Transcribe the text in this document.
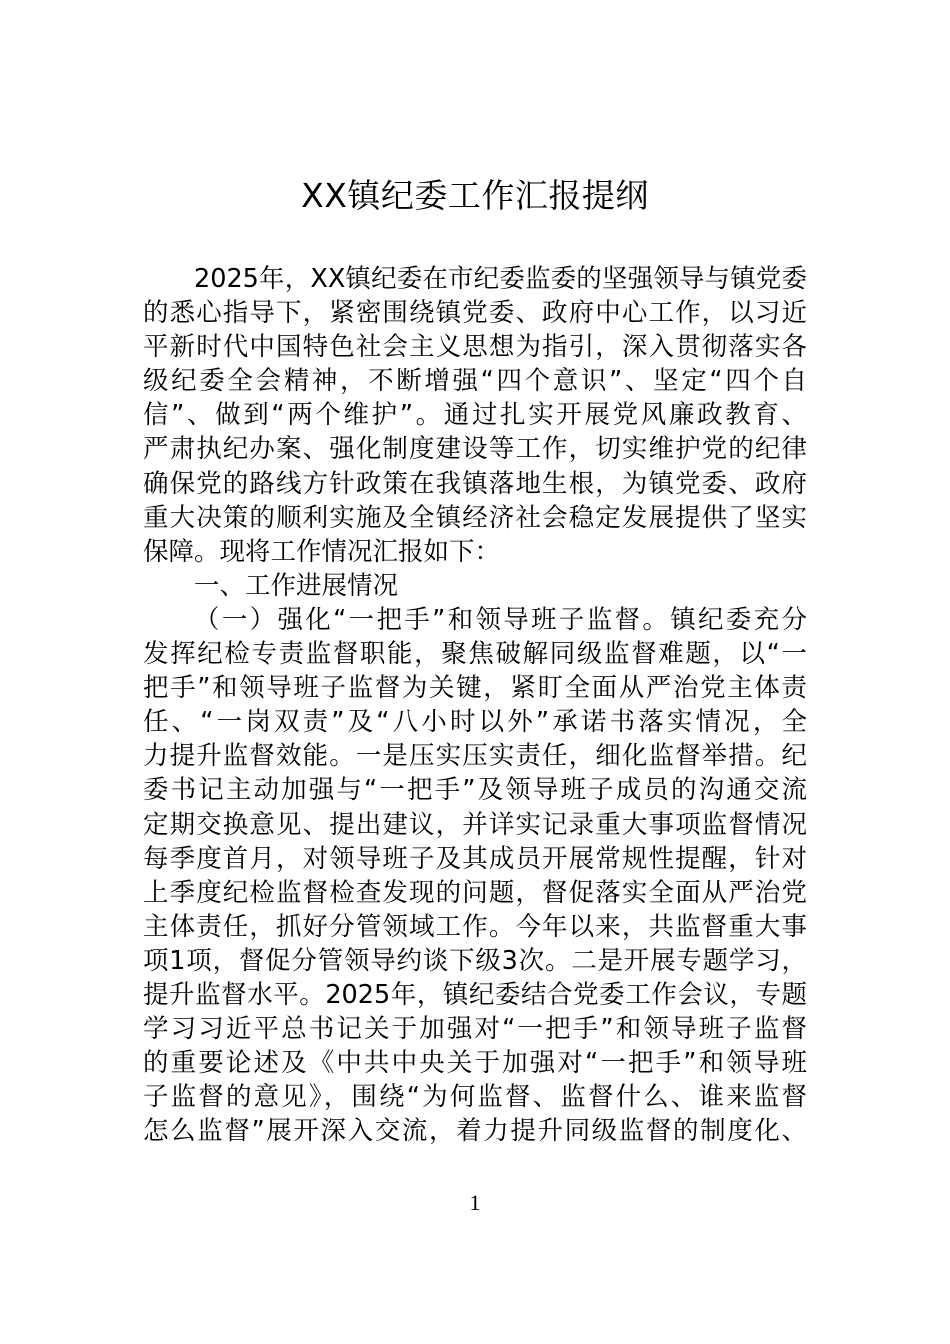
XX镇纪委工作汇报提纲
2025年，XX镇纪委在市纪委监委的坚强领导与镇党委
的悉心指导下，紧密围绕镇党委、政府中心工作，以习近
平新时代中国特色社会主义思想为指引，深入贯彻落实各
级纪委全会精神，不断增强“四个意识”、坚定“四个自
信”、做到“两个维护”。通过扎实开展党风廉政教育、
严肃执纪办案、强化制度建设等工作，切实维护党的纪律
确保党的路线方针政策在我镇落地生根，为镇党委、政府
重大决策的顺利实施及全镇经济社会稳定发展提供了坚实
保障。现将工作情况汇报如下：
一、工作进展情况
（一）强化“一把手”和领导班子监督。镇纪委充分
发挥纪检专责监督职能，聚焦破解同级监督难题，以“一
把手”和领导班子监督为关键，紧盯全面从严治党主体责
任、“一岗双责”及“八小时以外”承诺书落实情况，全
力提升监督效能。一是压实压实责任，细化监督举措。纪
委书记主动加强与“一把手”及领导班子成员的沟通交流
定期交换意见、提出建议，并详实记录重大事项监督情况
每季度首月，对领导班子及其成员开展常规性提醒，针对
上季度纪检监督检查发现的问题，督促落实全面从严治党
主体责任，抓好分管领域工作。今年以来，共监督重大事
项1项，督促分管领导约谈下级3次。二是开展专题学习，
提升监督水平。2025年，镇纪委结合党委工作会议，专题
学习习近平总书记关于加强对“一把手”和领导班子监督
的重要论述及《中共中央关于加强对“一把手”和领导班
子监督的意见》，围绕“为何监督、监督什么、谁来监督
怎么监督”展开深入交流，着力提升同级监督的制度化、
1
